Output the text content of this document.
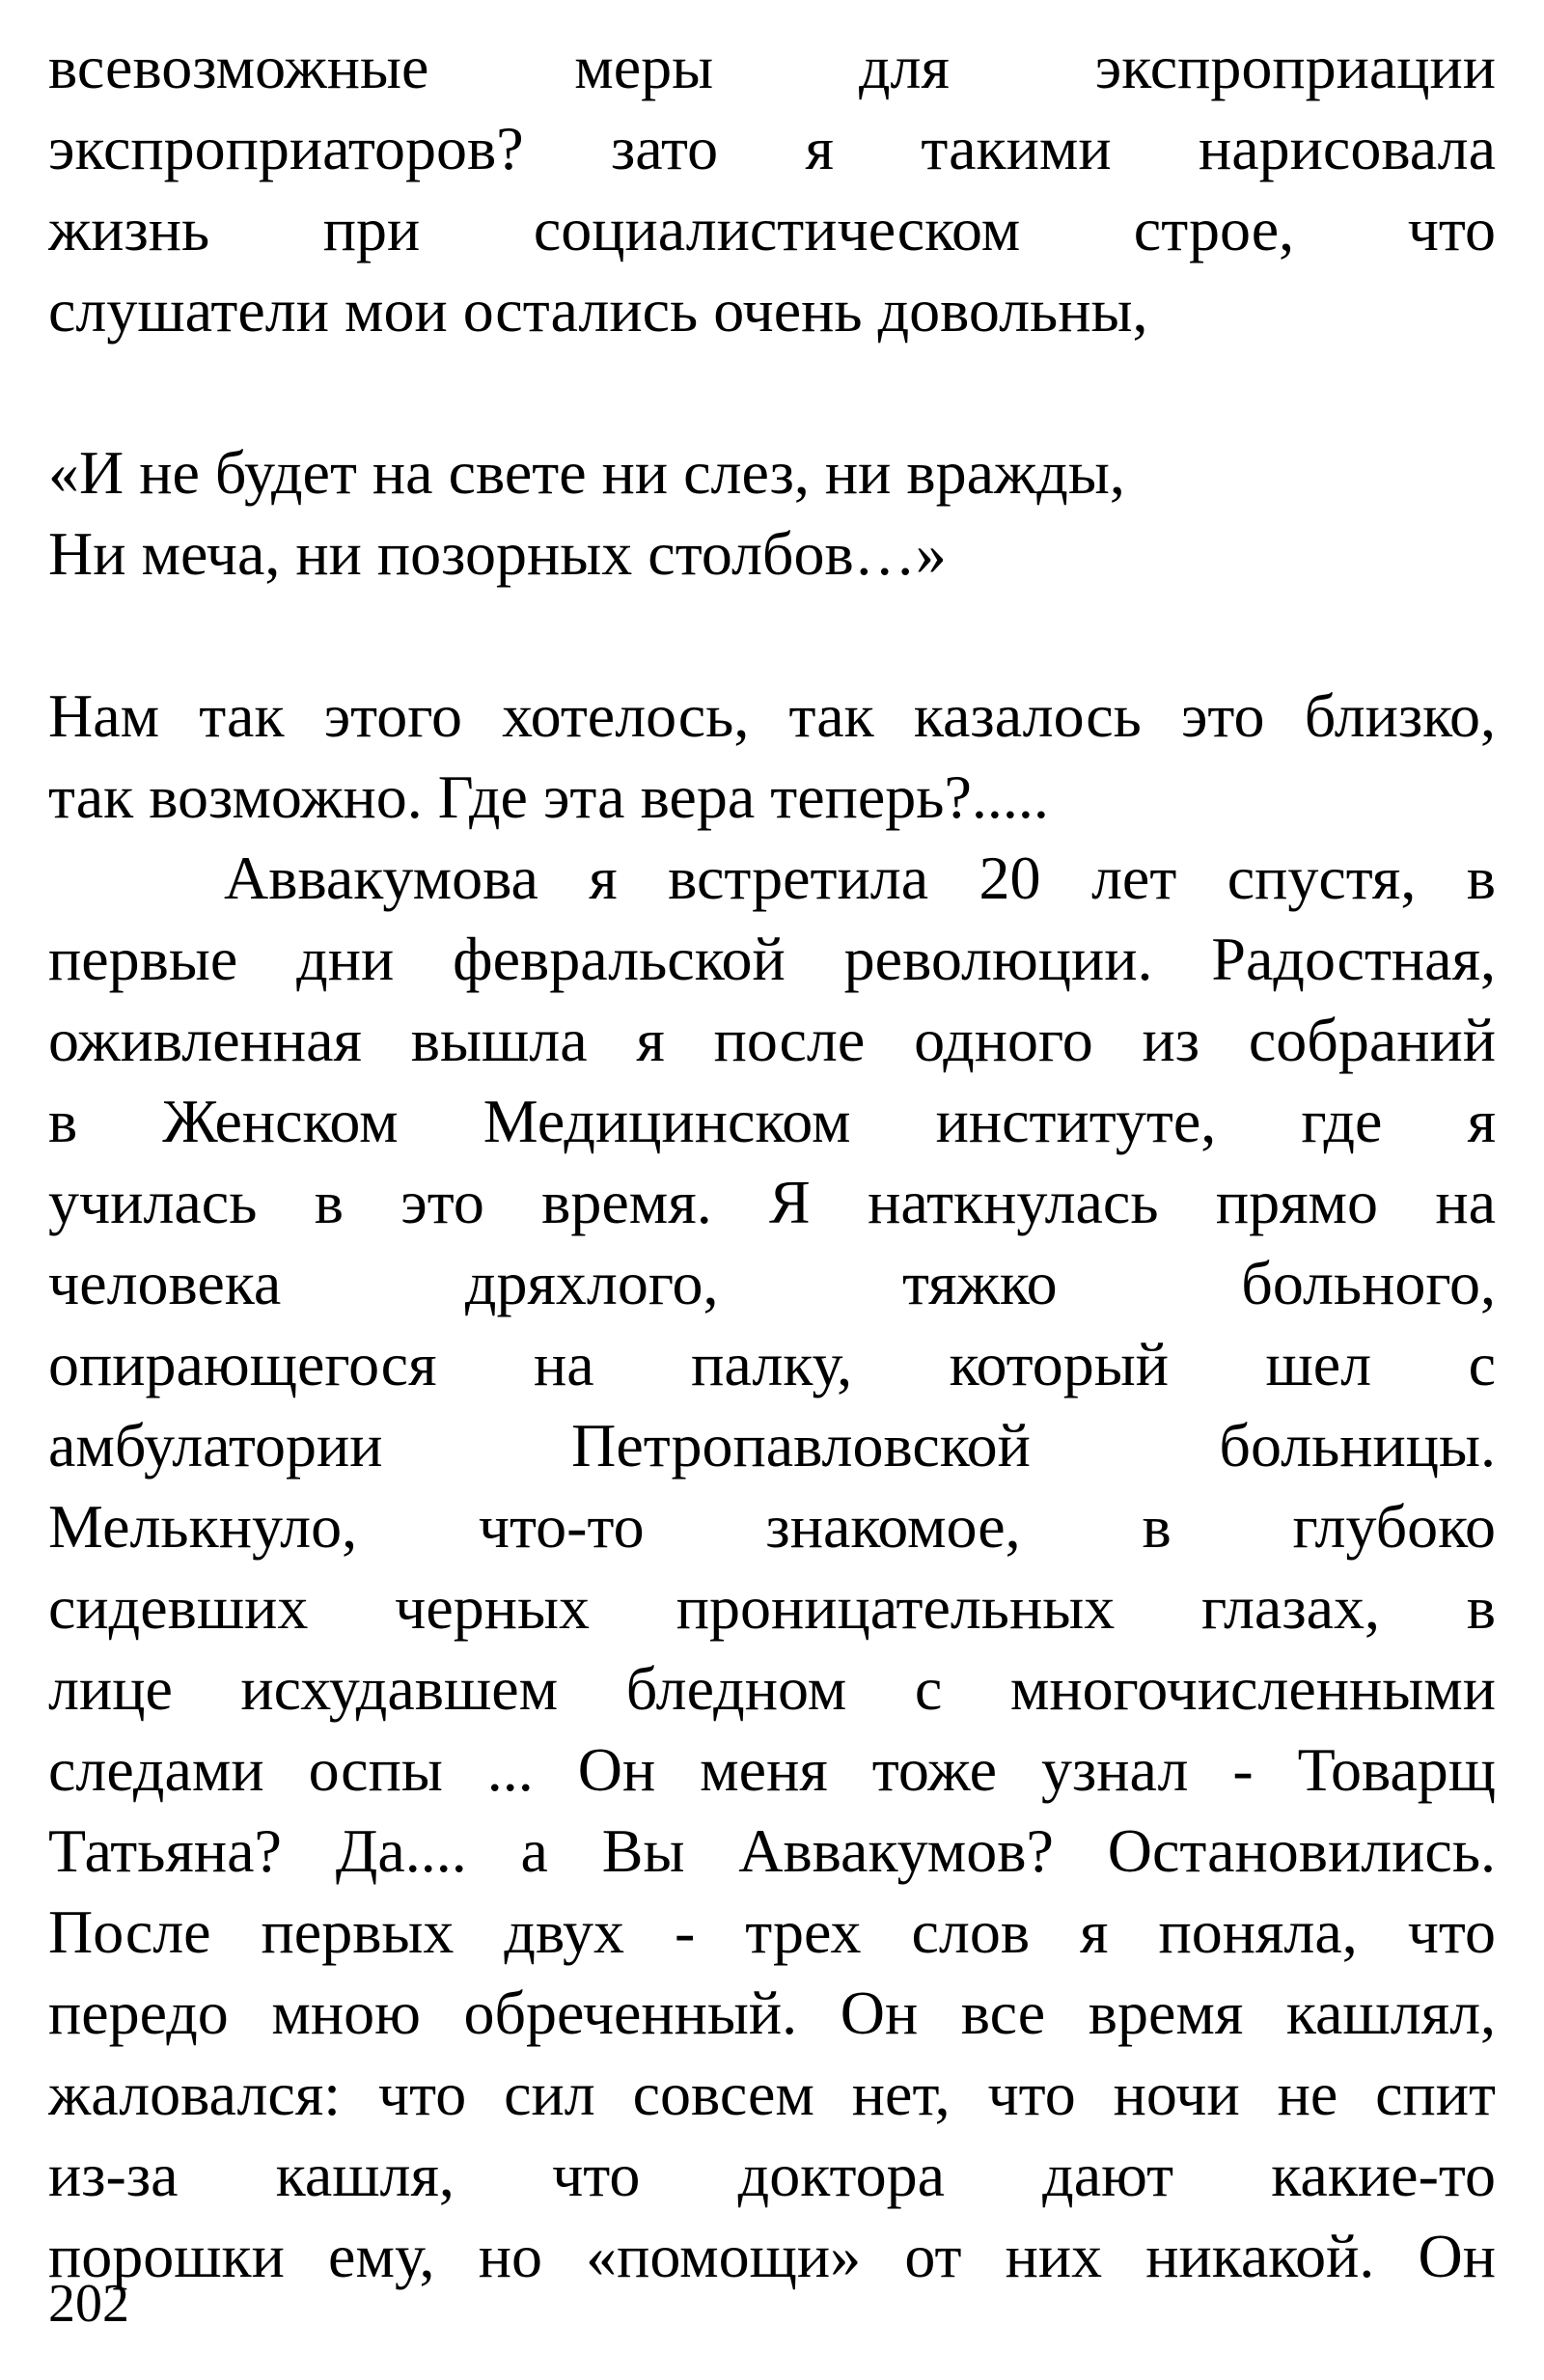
всевозможные меры для экспроприации
экспроприаторов? зато я такими нарисовала
жизнь при социалистическом строе, что
слушатели мои остались очень довольны,
«И не будет на свете ни слез, ни вражды,
Ни меча, ни позорных столбов…»
Нам так этого хотелось, так казалось это близко,
так возможно. Где эта вера теперь?.....
Аввакумова я встретила 20 лет спустя, в
первые дни февральской революции. Радостная,
оживленная вышла я после одного из собраний
в Женском Медицинском институте, где я
училась в это время. Я наткнулась прямо на
человека дряхлого, тяжко больного,
опирающегося на палку, который шел с
амбулатории Петропавловской больницы.
Мелькнуло, что-то знакомое, в глубоко
сидевших черных проницательных глазах, в
лице исхудавшем бледном с многочисленными
следами оспы ... Он меня тоже узнал - Товарщ
Татьяна? Да.... а Вы Аввакумов? Остановились.
После первых двух - трех слов я поняла, что
передо мною обреченный. Он все время кашлял,
жаловался: что сил совсем нет, что ночи не спит
из-за кашля, что доктора дают какие-то
порошки ему, но «помощи» от них никакой. Он
202
